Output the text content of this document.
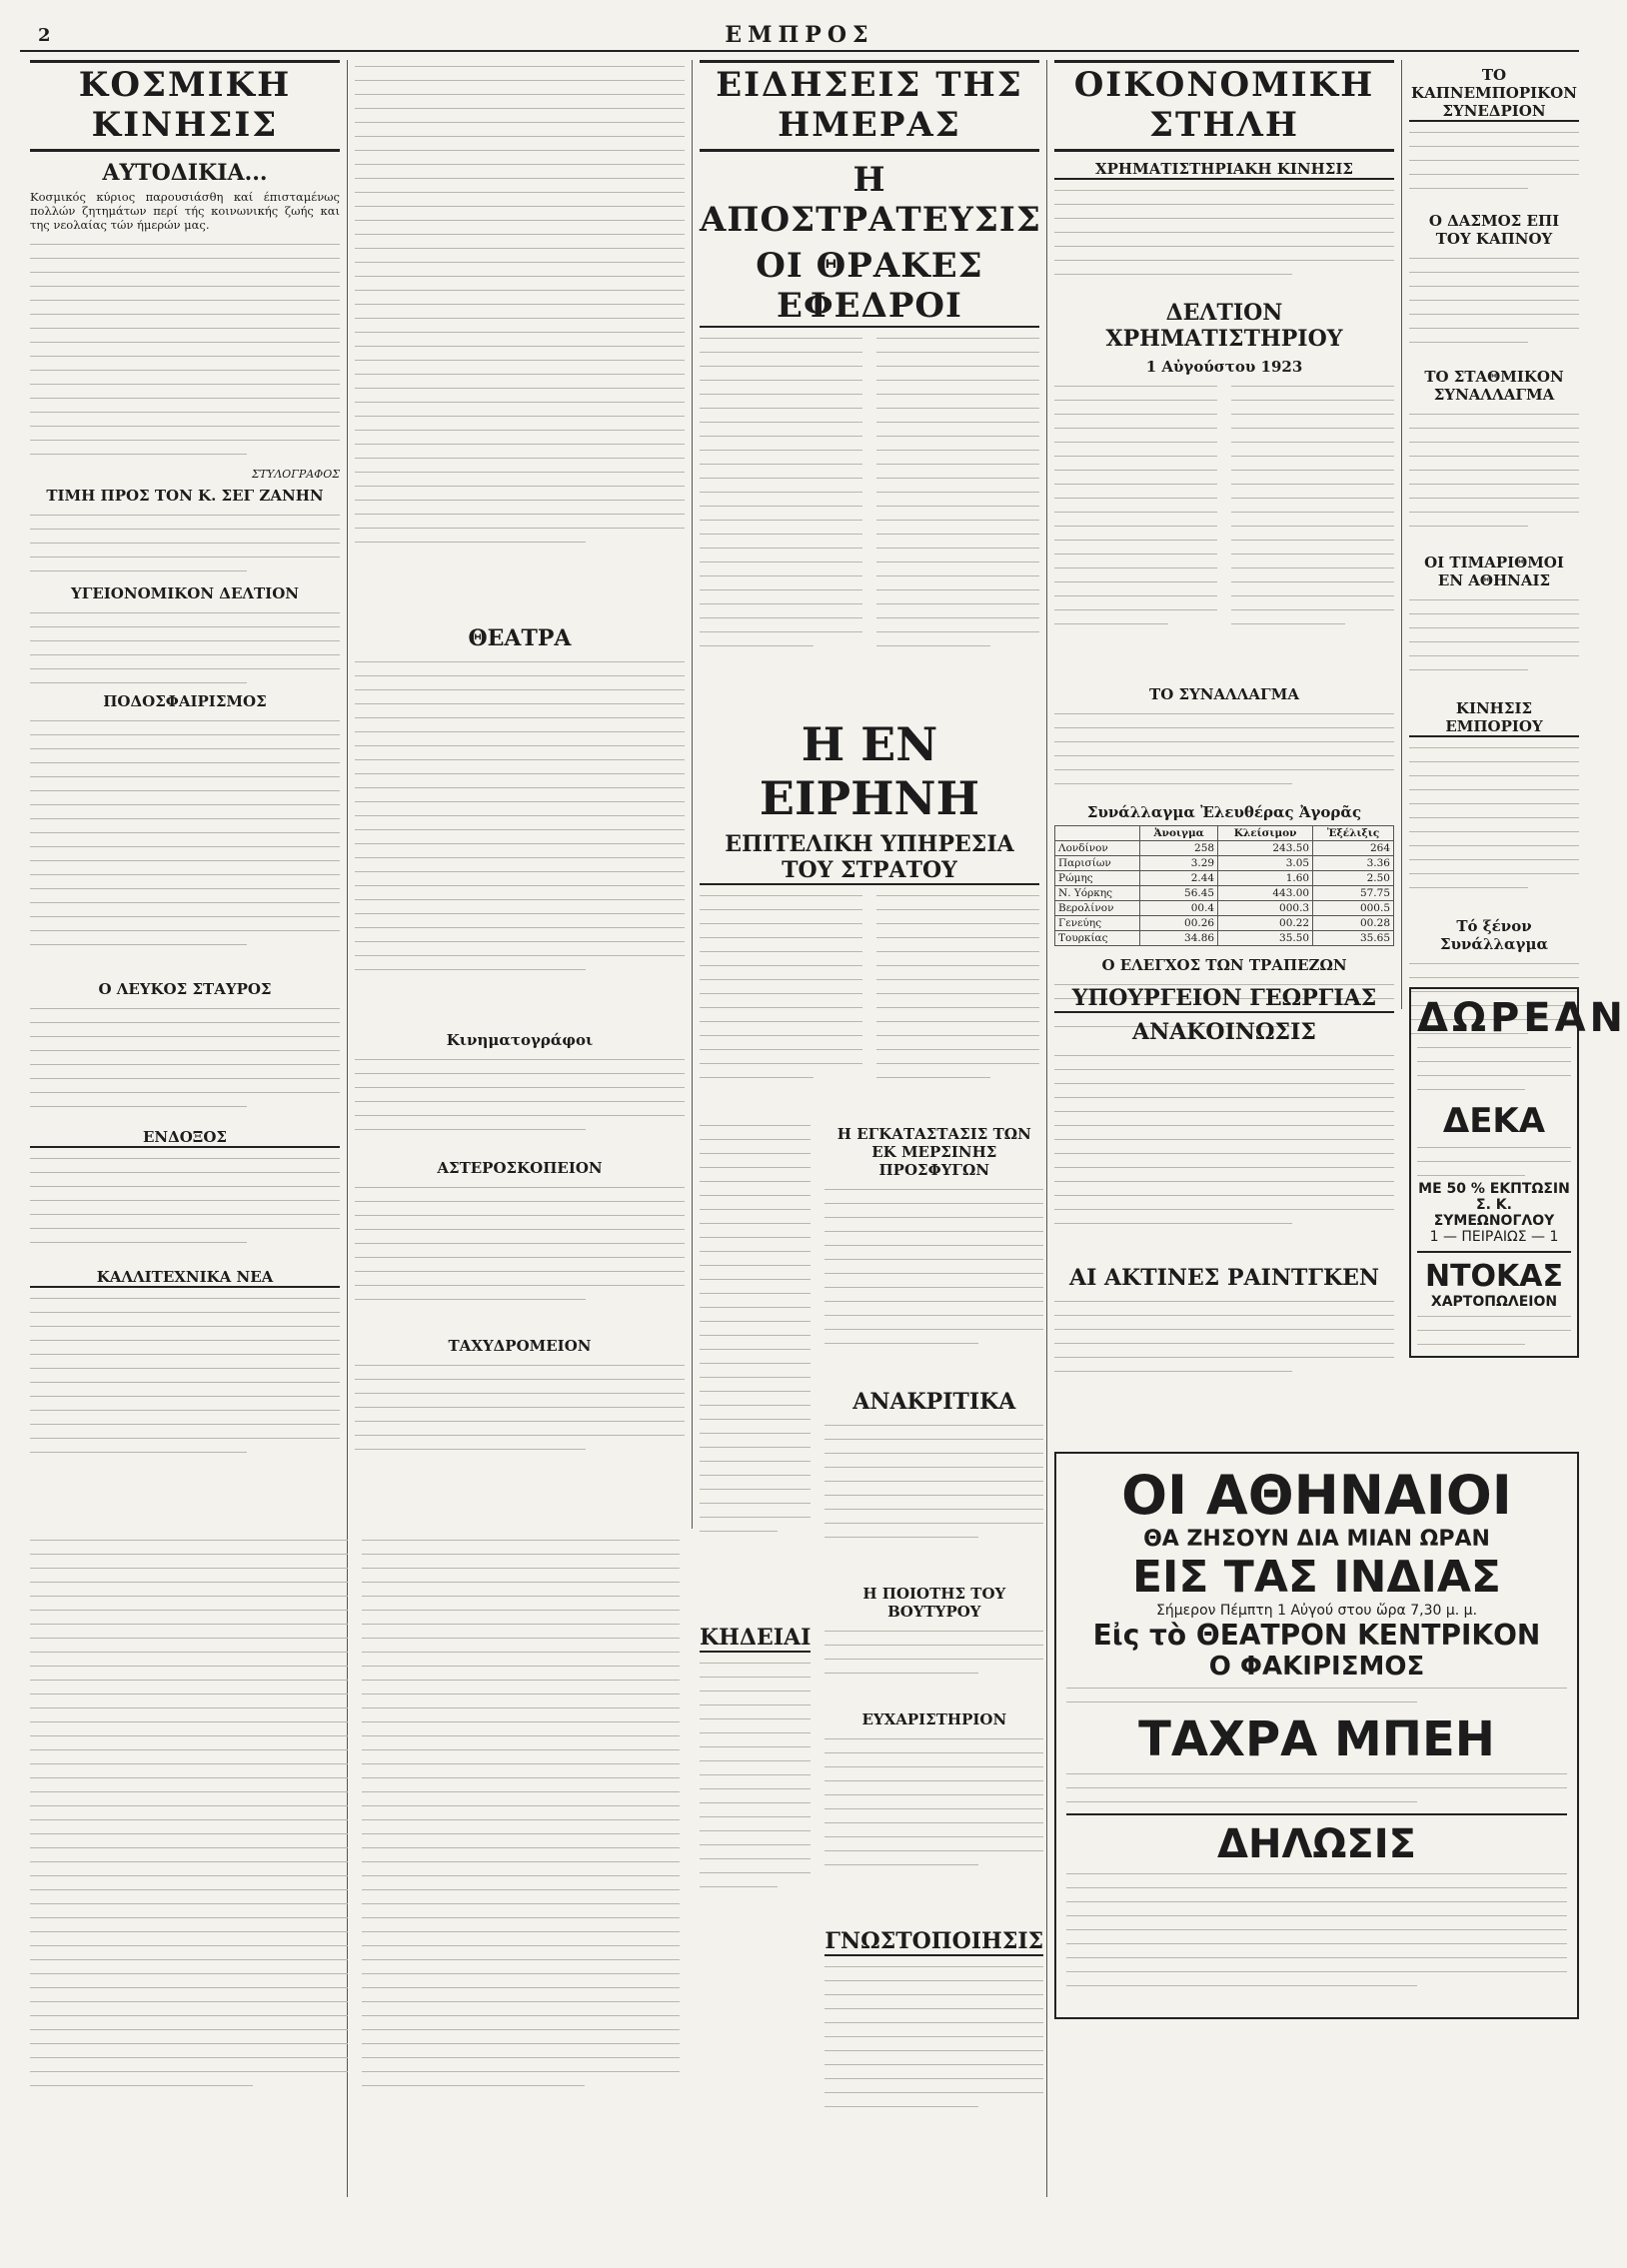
2	ΕΜΠΡΟΣ
ΚΟΣΜΙΚΗ ΚΙΝΗΣΙΣ
ΑΥΤΟΔΙΚΙΑ...

Κοσμικός κύριος παρουσιάσθη καί έπισταμένως πολλών ζητημάτων περί τής κοινωνικής ζωής και της νεολαίας τών ήμερών μας.

ΣΤΥΛΟΓΡΑΦΟΣ
ΤΙΜΗ ΠΡΟΣ ΤΟΝ Κ. ΣΕΓ ΖΑΝΗΝ
ΥΓΕΙΟΝΟΜΙΚΟΝ ΔΕΛΤΙΟΝ
ΠΟΔΟΣΦΑΙΡΙΣΜΟΣ
Ο ΛΕΥΚΟΣ ΣΤΑΥΡΟΣ
ΕΝΔΟΞΟΣ
ΚΑΛΛΙΤΕΧΝΙΚΑ ΝΕΑ
ΘΕΑΤΡΑ
Κινηματογράφοι
ΑΣΤΕΡΟΣΚΟΠΕΙΟΝ
ΤΑΧΥΔΡΟΜΕΙΟΝ
ΕΙΔΗΣΕΙΣ ΤΗΣ ΗΜΕΡΑΣ
Η ΑΠΟΣΤΡΑΤΕΥΣΙΣ
ΟΙ ΘΡΑΚΕΣ ΕΦΕΔΡΟΙ
Η ΕΝ ΕΙΡΗΝΗ
ΕΠΙΤΕΛΙΚΗ ΥΠΗΡΕΣΙΑ ΤΟΥ ΣΤΡΑΤΟΥ
ΚΗΔΕΙΑΙ
Η ΕΓΚΑΤΑΣΤΑΣΙΣ ΤΩΝ ΕΚ ΜΕΡΣΙΝΗΣ ΠΡΟΣΦΥΓΩΝ
ΑΝΑΚΡΙΤΙΚΑ
Η ΠΟΙΟΤΗΣ ΤΟΥ ΒΟΥΤΥΡΟΥ
ΕΥΧΑΡΙΣΤΗΡΙΟΝ
ΓΝΩΣΤΟΠΟΙΗΣΙΣ
ΟΙΚΟΝΟΜΙΚΗ ΣΤΗΛΗ
ΧΡΗΜΑΤΙΣΤΗΡΙΑΚΗ ΚΙΝΗΣΙΣ
ΔΕΛΤΙΟΝ ΧΡΗΜΑΤΙΣΤΗΡΙΟΥ
1 Αὐγούστου 1923
ΤΟ ΣΥΝΑΛΛΑΓΜΑ
Συνάλλαγμα Ἐλευθέρας Ἀγορᾶς
	Ἀνοιγμα	Κλείσιμον	Ἐξέλιξις
Λονδίνον	258	243.50	264
Παρισίων	3.29	3.05	3.36
Ρώμης	2.44	1.60	2.50
Ν. Υόρκης	56.45	443.00	57.75
Βερολίνον	00.4	000.3	000.5
Γενεύης	00.26	00.22	00.28
Τουρκίας	34.86	35.50	35.65
Ο ΕΛΕΓΧΟΣ ΤΩΝ ΤΡΑΠΕΖΩΝ
ΥΠΟΥΡΓΕΙΟΝ ΓΕΩΡΓΙΑΣ
ΑΝΑΚΟΙΝΩΣΙΣ
ΑΙ ΑΚΤΙΝΕΣ ΡΑΙΝΤΓΚΕΝ
ΤΟ ΚΑΠΝΕΜΠΟΡΙΚΟΝ ΣΥΝΕΔΡΙΟΝ
Ο ΔΑΣΜΟΣ ΕΠΙ ΤΟΥ ΚΑΠΝΟΥ
ΤΟ ΣΤΑΘΜΙΚΟΝ ΣΥΝΑΛΛΑΓΜΑ
ΟΙ ΤΙΜΑΡΙΘΜΟΙ ΕΝ ΑΘΗΝΑΙΣ
ΚΙΝΗΣΙΣ ΕΜΠΟΡΙΟΥ
Τό ξένον Συνάλλαγμα
ΔΩΡΕΑΝ
ΔΕΚΑ
ΜΕ 50 % ΕΚΠΤΩΣΙΝ
Σ. Κ. ΣΥΜΕΩΝΟΓΛΟΥ
1 — ΠΕΙΡΑΙΩΣ — 1
ΝΤΟΚΑΣ
ΧΑΡΤΟΠΩΛΕΙΟΝ
ΟΙ ΑΘΗΝΑΙΟΙ
ΘΑ ΖΗΣΟΥΝ ΔΙΑ ΜΙΑΝ ΩΡΑΝ
ΕΙΣ ΤΑΣ ΙΝΔΙΑΣ
Σήμερον Πέμπτη 1 Αὐγού στου ὥρα 7,30 μ. μ.
Εἰς τὸ ΘΕΑΤΡΟΝ ΚΕΝΤΡΙΚΟΝ
Ο ΦΑΚΙΡΙΣΜΟΣ
ΤΑΧΡΑ ΜΠΕΗ
ΔΗΛΩΣΙΣ
